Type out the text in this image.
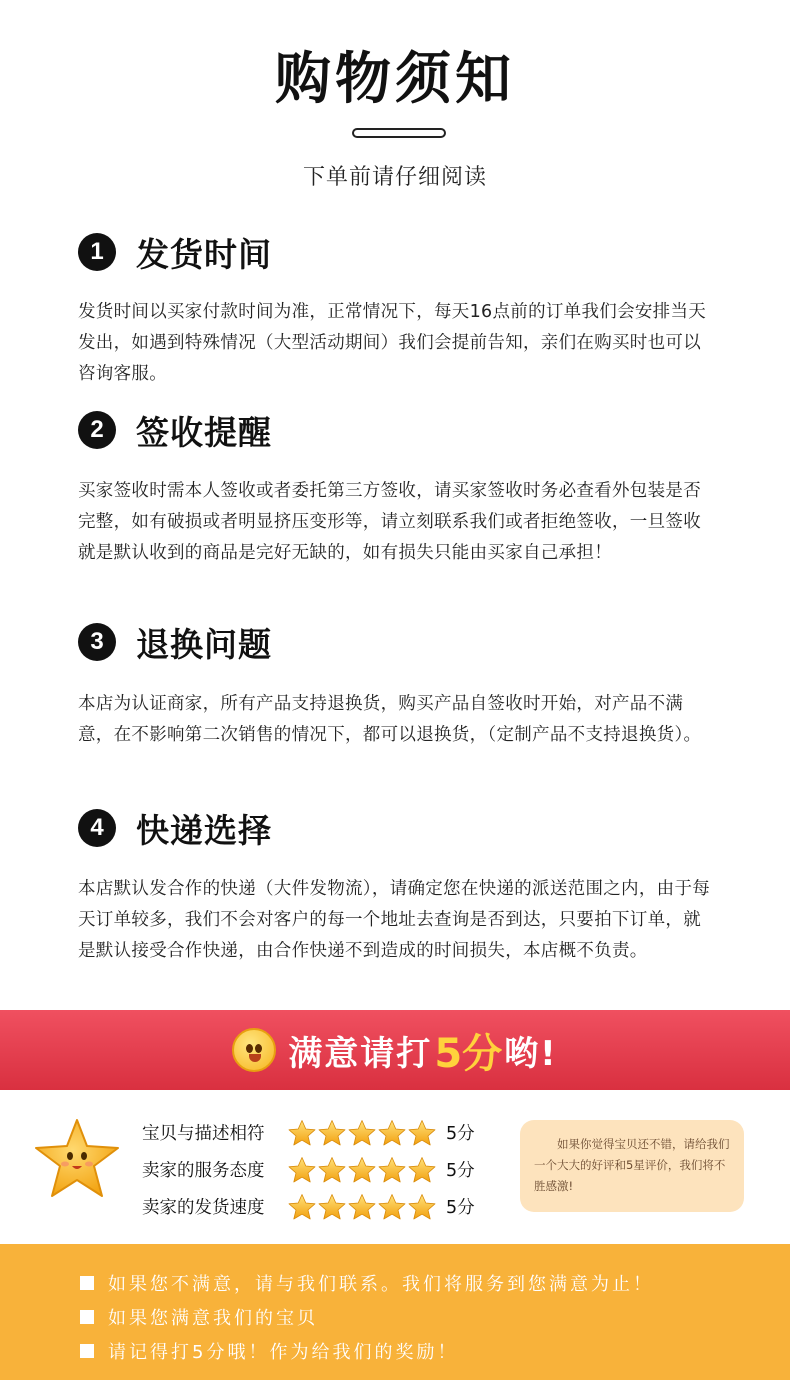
购物须知
下单前请仔细阅读
1 发货时间
发货时间以买家付款时间为准，正常情况下，每天16点前的订单我们会安排当天发出，如遇到特殊情况（大型活动期间）我们会提前告知，亲们在购买时也可以咨询客服。
2 签收提醒
买家签收时需本人签收或者委托第三方签收，请买家签收时务必查看外包装是否完整，如有破损或者明显挤压变形等，请立刻联系我们或者拒绝签收，一旦签收就是默认收到的商品是完好无缺的，如有损失只能由买家自己承担！
3 退换问题
本店为认证商家，所有产品支持退换货，购买产品自签收时开始，对产品不满意，在不影响第二次销售的情况下，都可以退换货，（定制产品不支持退换货）。
4 快递选择
本店默认发合作的快递（大件发物流），请确定您在快递的派送范围之内，由于每天订单较多，我们不会对客户的每一个地址去查询是否到达，只要拍下订单，就是默认接受合作快递，由合作快递不到造成的时间损失，本店概不负责。
满意请打 5分 哟!
宝贝与描述相符	5分
卖家的服务态度	5分
卖家的发货速度	5分
如果你觉得宝贝还不错，请给我们一个大大的好评和5星评价，我们将不胜感激!
如果您不满意，请与我们联系。我们将服务到您满意为止！
如果您满意我们的宝贝
请记得打5分哦！作为给我们的奖励！
